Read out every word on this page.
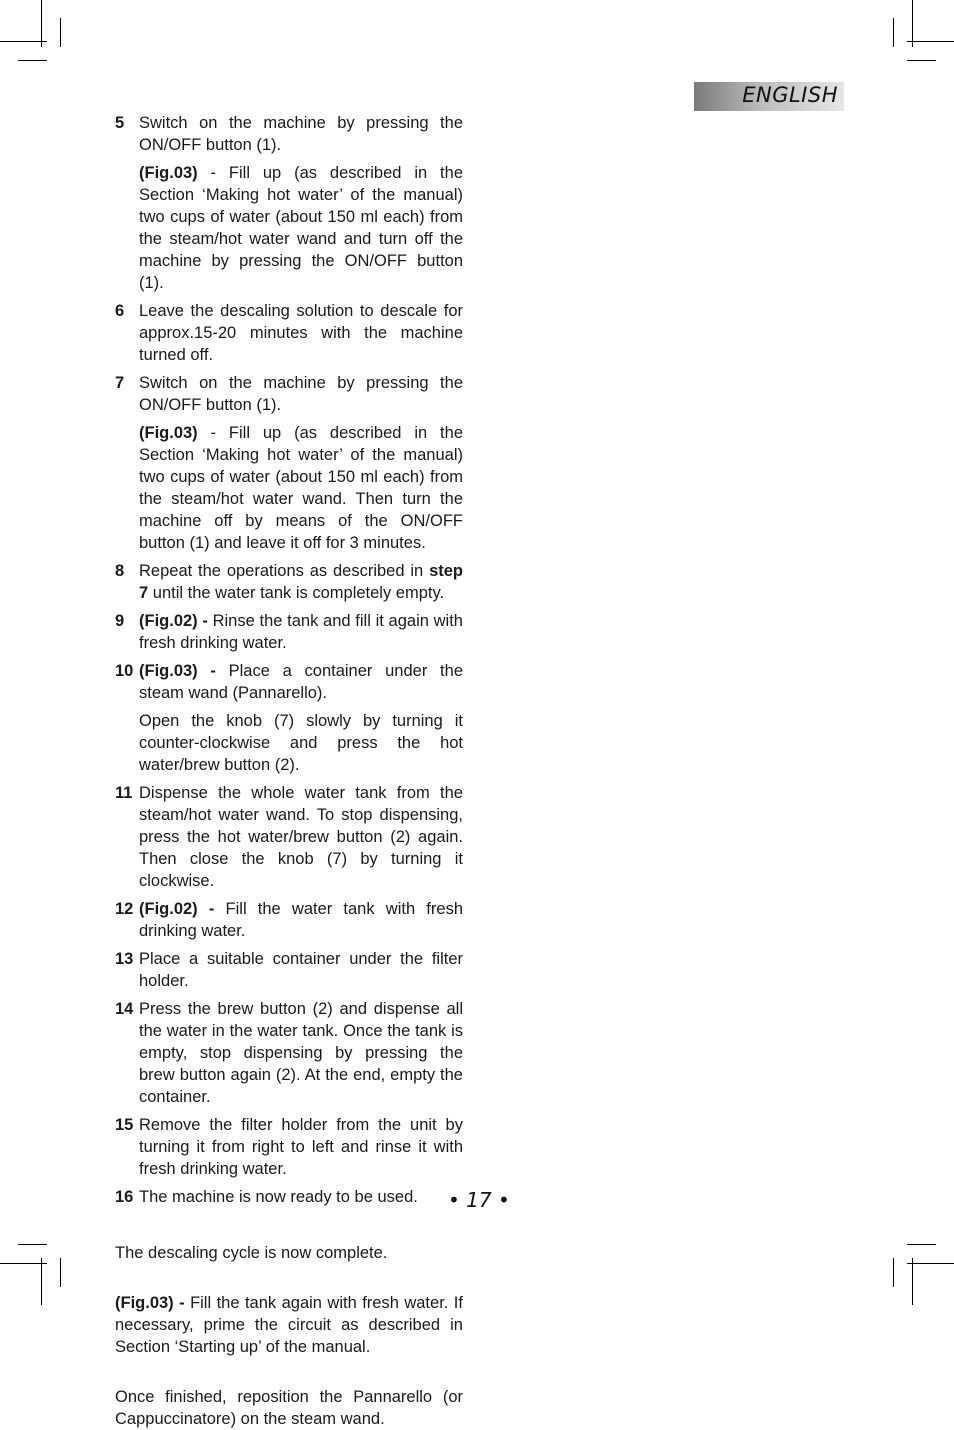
ENGLISH
5 Switch on the machine by pressing the ON/OFF button (1).

(Fig.03) - Fill up (as described in the Section ‘Making hot water’ of the manual) two cups of water (about 150 ml each) from the steam/hot water wand and turn off the machine by pressing the ON/OFF button (1).

6 Leave the descaling solution to descale for approx.15-20 minutes with the machine turned off.

7 Switch on the machine by pressing the ON/OFF button (1).

(Fig.03) - Fill up (as described in the Section ‘Making hot water’ of the manual) two cups of water (about 150 ml each) from the steam/hot water wand. Then turn the machine off by means of the ON/OFF button (1) and leave it off for 3 minutes.

8 Repeat the operations as described in step 7 until the water tank is completely empty.

9 (Fig.02) - Rinse the tank and fill it again with fresh drinking water.

10 (Fig.03) - Place a container under the steam wand (Pannarello).

Open the knob (7) slowly by turning it counter-clockwise and press the hot water/brew button (2).

11 Dispense the whole water tank from the steam/hot water wand. To stop dispensing, press the hot water/brew button (2) again. Then close the knob (7) by turning it clockwise.

12 (Fig.02) - Fill the water tank with fresh drinking water.

13 Place a suitable container under the filter holder.

14 Press the brew button (2) and dispense all the water in the water tank. Once the tank is empty, stop dispensing by pressing the brew button again (2). At the end, empty the container.

15 Remove the filter holder from the unit by turning it from right to left and rinse it with fresh drinking water.

16 The machine is now ready to be used.

The descaling cycle is now complete.

(Fig.03) - Fill the tank again with fresh water. If necessary, prime the circuit as described in Section ‘Starting up’ of the manual.

Once finished, reposition the Pannarello (or Cappuccinatore) on the steam wand.

• 17 •
